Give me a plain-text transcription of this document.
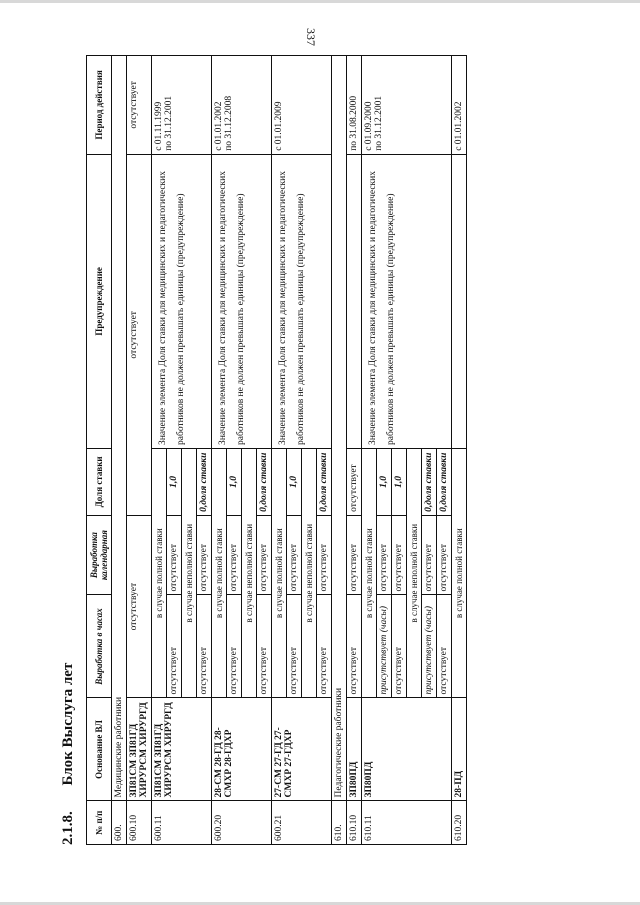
337
2.1.8. Блок Выслуга лет
№ п/п	Основание ВЛ	Выработка в часах	Выработка календарная	Доля ставки	Предупреждение	Период действия
600.	Медицинские работники					
600.10	ЗП81СМ ЗП81ГД ХИРУРСМ ХИРУРГД	отсутствует		отсутствует		отсутствует
600.11	ЗП81СМ ЗП81ГД ХИРУРСМ ХИРУРГД	в случае полной ставки			Значение элемента Доля ставки для медицинских и педагогических работников не должен превышать единицы (предупреждение)	с 01.11.1999 по 31.12.2001

		отсутствует	отсутствует	1,0		
		в случае неполной ставки				
		отсутствует	отсутствует	0,доля ставки		
600.20	28-СМ 28-ГД 28-СМХР 28-ГДХР	в случае полной ставки			Значение элемента Доля ставки для медицинских и педагогических работников не должен превышать единицы (предупреждение)	с 01.01.2002 по 31.12.2008

		отсутствует	отсутствует	1,0		
		в случае неполной ставки				
		отсутствует	отсутствует	0,доля ставки		
600.21	27-СМ 27-ГД 27-СМХР 27-ГДХР	в случае полной ставки			Значение элемента Доля ставки для медицинских и педагогических работников не должен превышать единицы (предупреждение)	с 01.01.2009
		отсутствует	отсутствует	1,0		
		в случае неполной ставки				
		отсутствует	отсутствует	0,доля ставки		
610.	Педагогические работники					
610.10	ЗП80ПД	отсутствует	отсутствует	отсутствует		по 31.08.2000
610.11	ЗП80ПД	в случае полной ставки			Значение элемента Доля ставки для медицинских и педагогических работников не должен превышать единицы (предупреждение)	с 01.09.2000 по 31.12.2001

		присутствует (часы)	отсутствует	1,0		
		отсутствует	отсутствует	1,0		
		в случае неполной ставки				
		присутствует (часы)	отсутствует	0,доля ставки		
		отсутствует	отсутствует	0,доля ставки		
610.20	28-ПД	в случае полной ставки				с 01.01.2002
